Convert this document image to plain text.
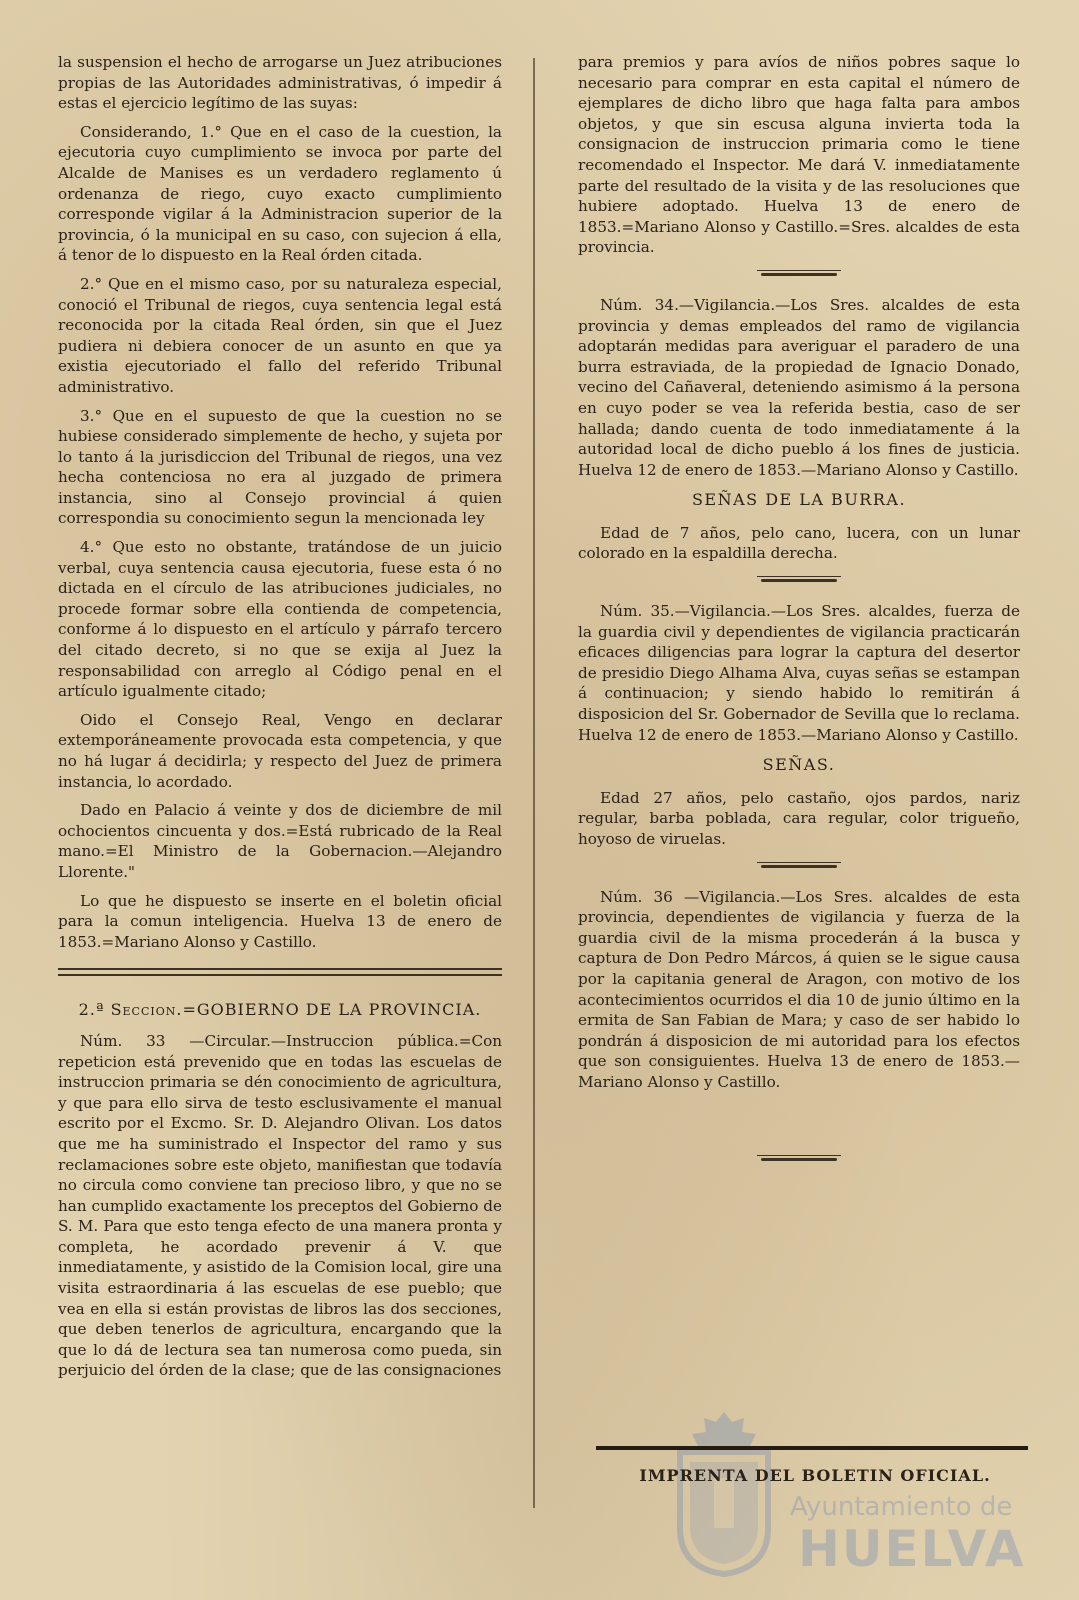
la suspension el hecho de arrogarse un Juez atribuciones propias de las Autoridades administrativas, ó impedir á estas el ejercicio legítimo de las suyas:

Considerando, 1.° Que en el caso de la cuestion, la ejecutoria cuyo cumplimiento se invoca por parte del Alcalde de Manises es un verdadero reglamento ú ordenanza de riego, cuyo exacto cumplimiento corresponde vigilar á la Administracion superior de la provincia, ó la municipal en su caso, con sujecion á ella, á tenor de lo dispuesto en la Real órden citada.

2.° Que en el mismo caso, por su naturaleza especial, conoció el Tribunal de riegos, cuya sentencia legal está reconocida por la citada Real órden, sin que el Juez pudiera ni debiera conocer de un asunto en que ya existia ejecutoriado el fallo del referido Tribunal administrativo.

3.° Que en el supuesto de que la cuestion no se hubiese considerado simplemente de hecho, y sujeta por lo tanto á la jurisdiccion del Tribunal de riegos, una vez hecha contenciosa no era al juzgado de primera instancia, sino al Consejo provincial á quien correspondia su conocimiento segun la mencionada ley

4.° Que esto no obstante, tratándose de un juicio verbal, cuya sentencia causa ejecutoria, fuese esta ó no dictada en el círculo de las atribuciones judiciales, no procede formar sobre ella contienda de competencia, conforme á lo dispuesto en el artículo y párrafo tercero del citado decreto, si no que se exija al Juez la responsabilidad con arreglo al Código penal en el artículo igualmente citado;

Oido el Consejo Real, Vengo en declarar extemporáneamente provocada esta competencia, y que no há lugar á decidirla; y respecto del Juez de primera instancia, lo acordado.

Dado en Palacio á veinte y dos de diciembre de mil ochocientos cincuenta y dos.=Está rubricado de la Real mano.=El Ministro de la Gobernacion.—Alejandro Llorente."

Lo que he dispuesto se inserte en el boletin oficial para la comun inteligencia. Huelva 13 de enero de 1853.=Mariano Alonso y Castillo.

2.ª Seccion.=GOBIERNO DE LA PROVINCIA.

Núm. 33 —Circular.—Instruccion pública.=Con repeticion está prevenido que en todas las escuelas de instruccion primaria se dén conocimiento de agricultura, y que para ello sirva de testo esclusivamente el manual escrito por el Excmo. Sr. D. Alejandro Olivan. Los datos que me ha suministrado el Inspector del ramo y sus reclamaciones sobre este objeto, manifiestan que todavía no circula como conviene tan precioso libro, y que no se han cumplido exactamente los preceptos del Gobierno de S. M. Para que esto tenga efecto de una manera pronta y completa, he acordado prevenir á V. que inmediatamente, y asistido de la Comision local, gire una visita estraordinaria á las escuelas de ese pueblo; que vea en ella si están provistas de libros las dos secciones, que deben tenerlos de agricultura, encargando que la que lo dá de lectura sea tan numerosa como pueda, sin perjuicio del órden de la clase; que de las consignaciones

para premios y para avíos de niños pobres saque lo necesario para comprar en esta capital el número de ejemplares de dicho libro que haga falta para ambos objetos, y que sin escusa alguna invierta toda la consignacion de instruccion primaria como le tiene recomendado el Inspector. Me dará V. inmediatamente parte del resultado de la visita y de las resoluciones que hubiere adoptado. Huelva 13 de enero de 1853.=Mariano Alonso y Castillo.=Sres. alcaldes de esta provincia.

Núm. 34.—Vigilancia.—Los Sres. alcaldes de esta provincia y demas empleados del ramo de vigilancia adoptarán medidas para averiguar el paradero de una burra estraviada, de la propiedad de Ignacio Donado, vecino del Cañaveral, deteniendo asimismo á la persona en cuyo poder se vea la referida bestia, caso de ser hallada; dando cuenta de todo inmediatamente á la autoridad local de dicho pueblo á los fines de justicia. Huelva 12 de enero de 1853.—Mariano Alonso y Castillo.

SEÑAS DE LA BURRA.

Edad de 7 años, pelo cano, lucera, con un lunar colorado en la espaldilla derecha.

Núm. 35.—Vigilancia.—Los Sres. alcaldes, fuerza de la guardia civil y dependientes de vigilancia practicarán eficaces diligencias para lograr la captura del desertor de presidio Diego Alhama Alva, cuyas señas se estampan á continuacion; y siendo habido lo remitirán á disposicion del Sr. Gobernador de Sevilla que lo reclama. Huelva 12 de enero de 1853.—Mariano Alonso y Castillo.

SEÑAS.

Edad 27 años, pelo castaño, ojos pardos, nariz regular, barba poblada, cara regular, color trigueño, hoyoso de viruelas.

Núm. 36 —Vigilancia.—Los Sres. alcaldes de esta provincia, dependientes de vigilancia y fuerza de la guardia civil de la misma procederán á la busca y captura de Don Pedro Márcos, á quien se le sigue causa por la capitania general de Aragon, con motivo de los acontecimientos ocurridos el dia 10 de junio último en la ermita de San Fabian de Mara; y caso de ser habido lo pondrán á disposicion de mi autoridad para los efectos que son consiguientes. Huelva 13 de enero de 1853.—Mariano Alonso y Castillo.

Ayuntamiento de
HUELVA
IMPRENTA DEL BOLETIN OFICIAL.
